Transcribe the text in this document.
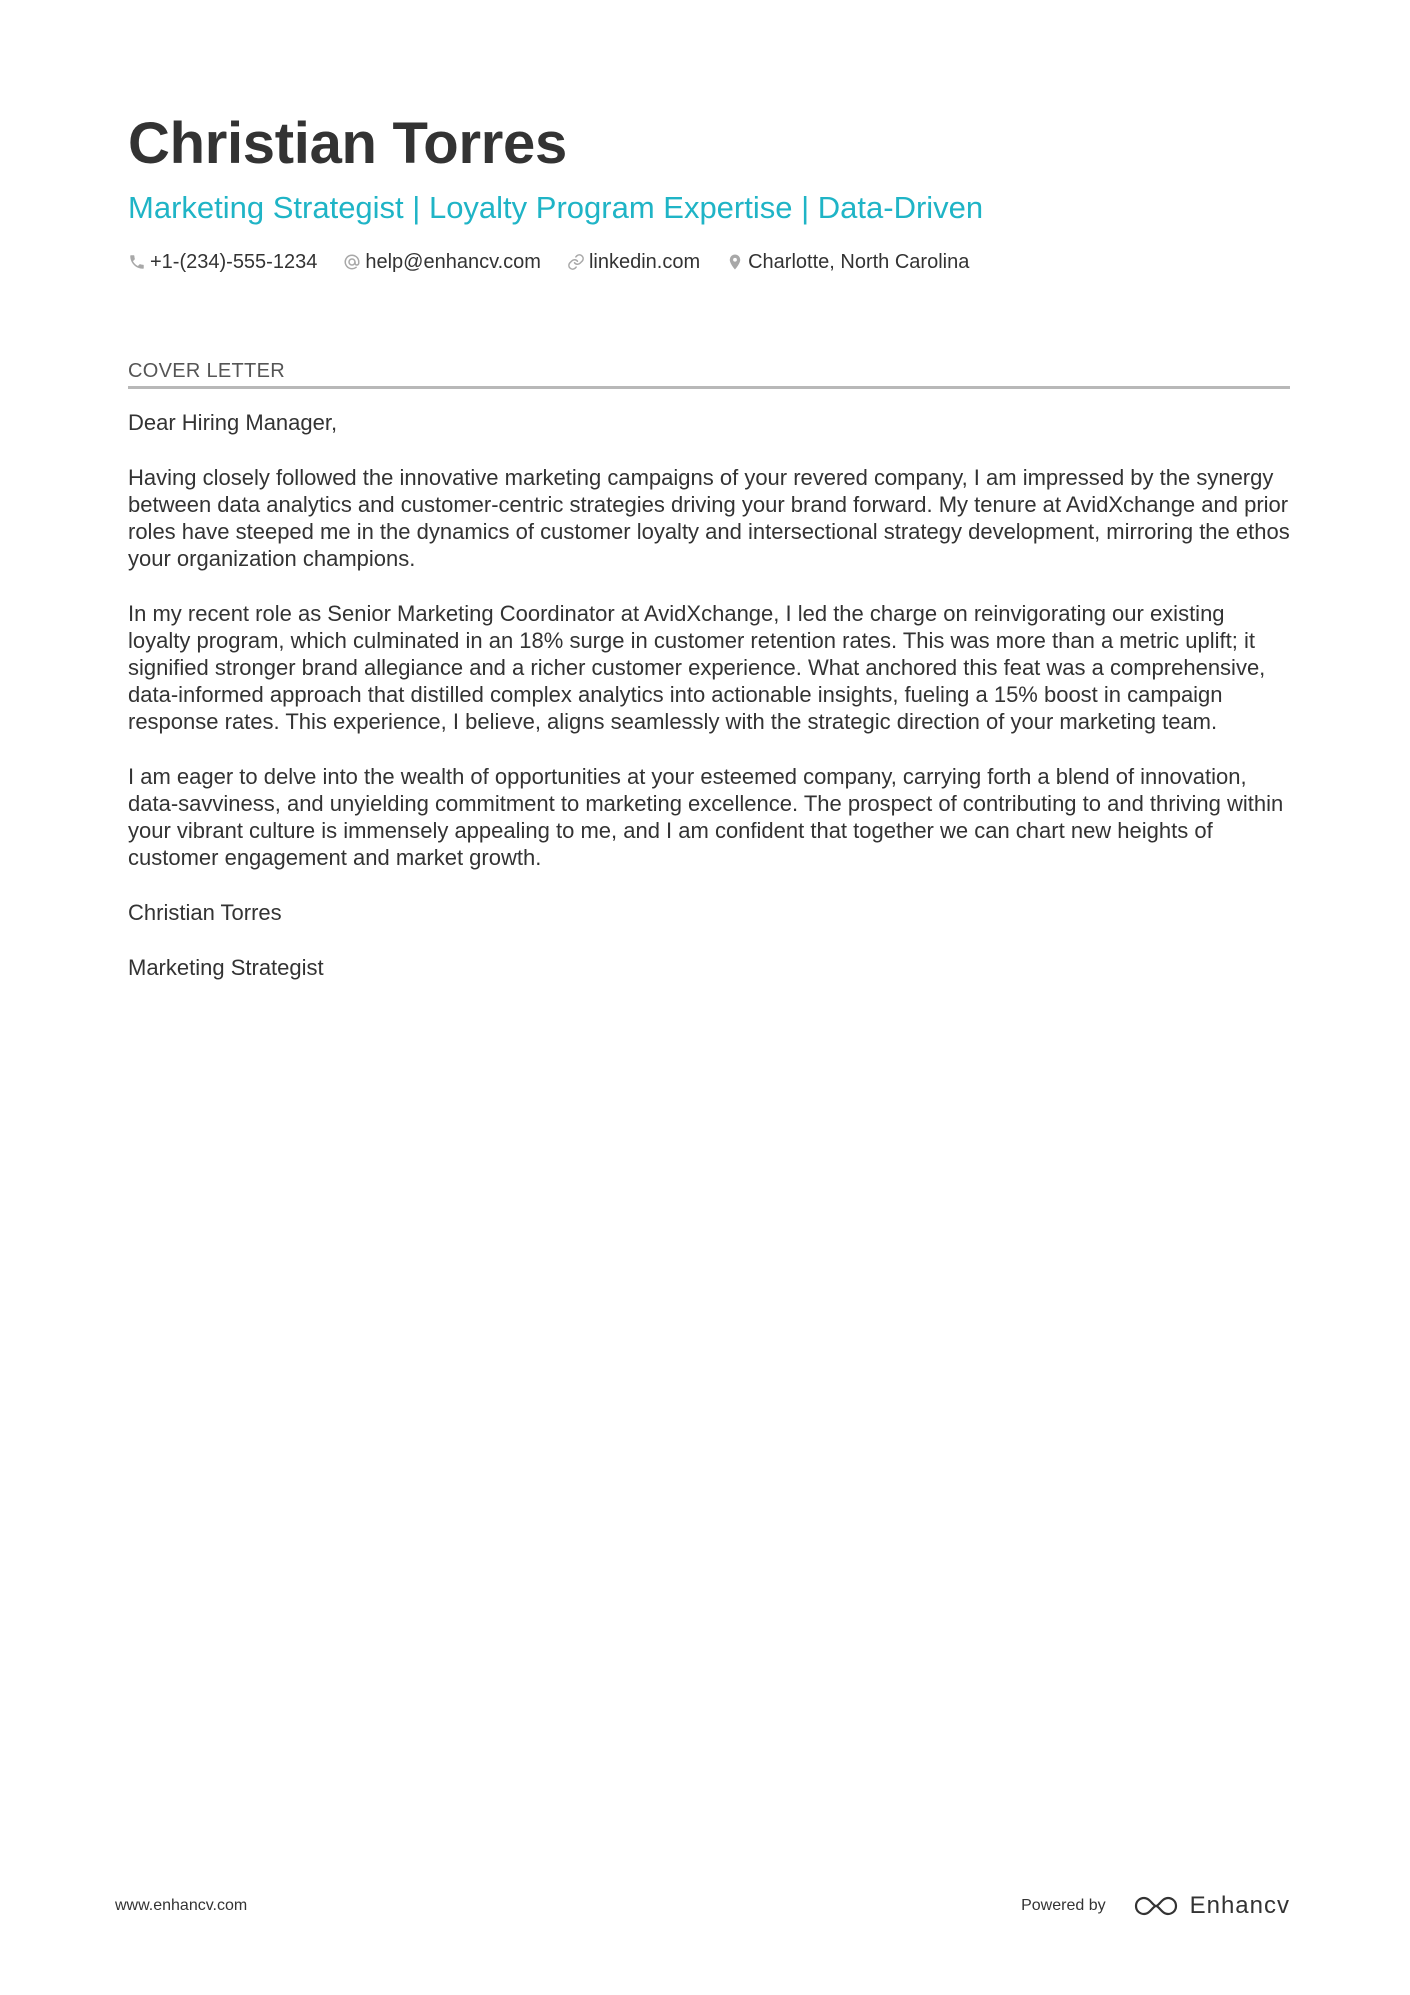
Christian Torres
Marketing Strategist | Loyalty Program Expertise | Data-Driven
+1-(234)-555-1234 help@enhancv.com linkedin.com Charlotte, North Carolina
COVER LETTER

Dear Hiring Manager,

Having closely followed the innovative marketing campaigns of your revered company, I am impressed by the synergy between data analytics and customer-centric strategies driving your brand forward. My tenure at AvidXchange and prior roles have steeped me in the dynamics of customer loyalty and intersectional strategy development, mirroring the ethos your organization champions.

In my recent role as Senior Marketing Coordinator at AvidXchange, I led the charge on reinvigorating our existing loyalty program, which culminated in an 18% surge in customer retention rates. This was more than a metric uplift; it signified stronger brand allegiance and a richer customer experience. What anchored this feat was a comprehensive, data-informed approach that distilled complex analytics into actionable insights, fueling a 15% boost in campaign response rates. This experience, I believe, aligns seamlessly with the strategic direction of your marketing team.

I am eager to delve into the wealth of opportunities at your esteemed company, carrying forth a blend of innovation, data-savviness, and unyielding commitment to marketing excellence. The prospect of contributing to and thriving within your vibrant culture is immensely appealing to me, and I am confident that together we can chart new heights of customer engagement and market growth.

Christian Torres

Marketing Strategist

www.enhancv.com	Powered by	Enhancv
